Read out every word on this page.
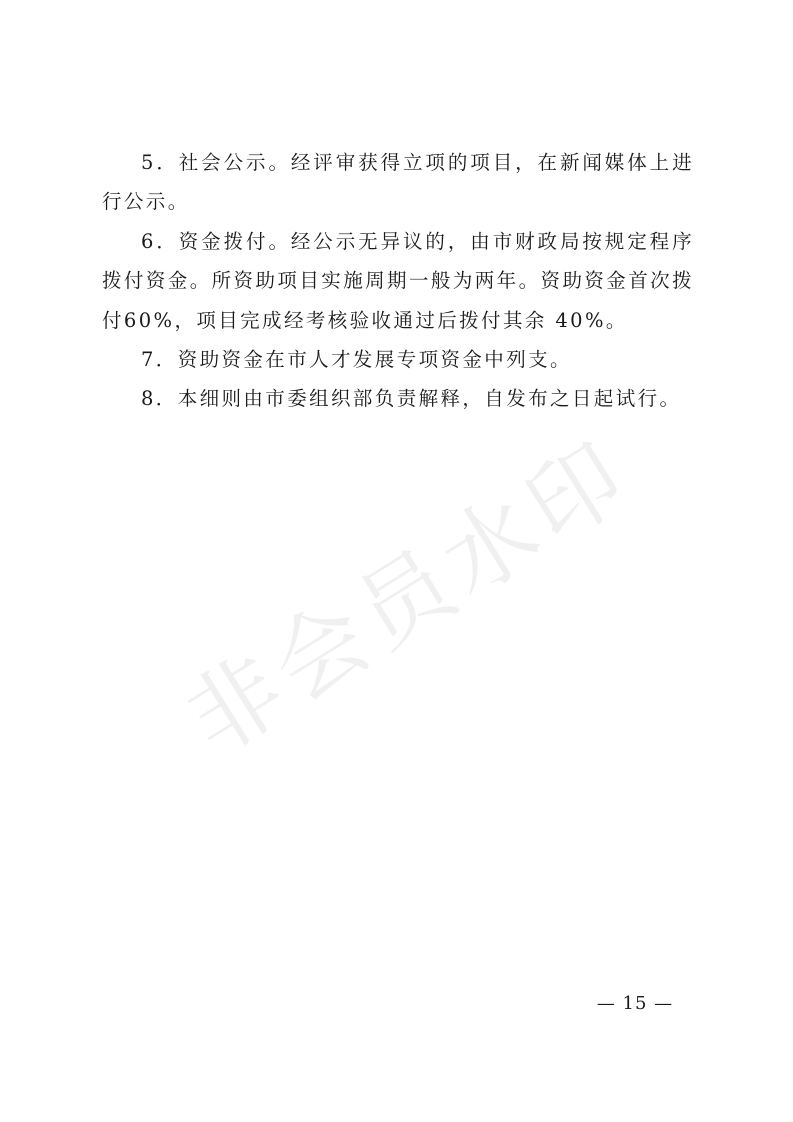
5．社会公示。经评审获得立项的项目，在新闻媒体上进行公示。

6．资金拨付。经公示无异议的，由市财政局按规定程序拨付资金。所资助项目实施周期一般为两年。资助资金首次拨付60%，项目完成经考核验收通过后拨付其余 40%。

7．资助资金在市人才发展专项资金中列支。

8．本细则由市委组织部负责解释，自发布之日起试行。

非会员水印
— 15 —
